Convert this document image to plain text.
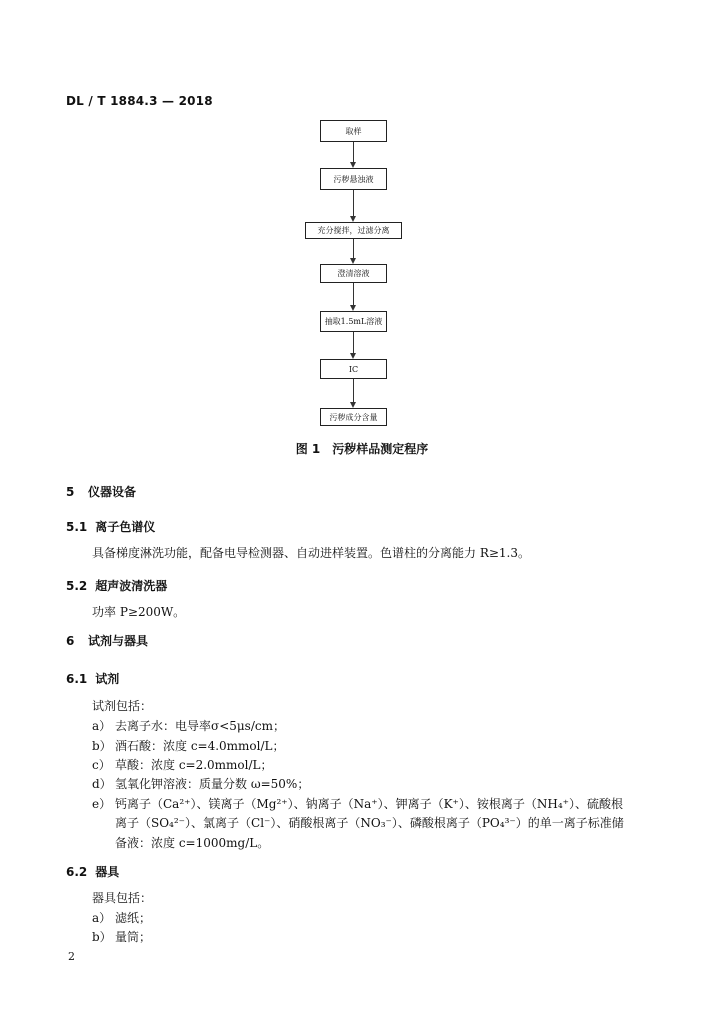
DL / T 1884.3 — 2018
取样
污秽悬浊液
充分搅拌，过滤分离
澄清溶液
抽取1.5mL溶液
IC
污秽成分含量
图 1　污秽样品测定程序
5 仪器设备
5.1 离子色谱仪
具备梯度淋洗功能，配备电导检测器、自动进样装置。色谱柱的分离能力 R≥1.3。
5.2 超声波清洗器
功率 P≥200W。
6 试剂与器具
6.1 试剂
试剂包括：
a） 去离子水：电导率σ<5μs/cm；
b） 酒石酸：浓度 c=4.0mmol/L；
c） 草酸：浓度 c=2.0mmol/L；
d） 氢氧化钾溶液：质量分数 ω=50%；
e） 钙离子（Ca²⁺）、镁离子（Mg²⁺）、钠离子（Na⁺）、钾离子（K⁺）、铵根离子（NH₄⁺）、硫酸根
离子（SO₄²⁻）、氯离子（Cl⁻）、硝酸根离子（NO₃⁻）、磷酸根离子（PO₄³⁻）的单一离子标准储
备液：浓度 c=1000mg/L。
6.2 器具
器具包括：
a） 滤纸；
b） 量筒；
2
